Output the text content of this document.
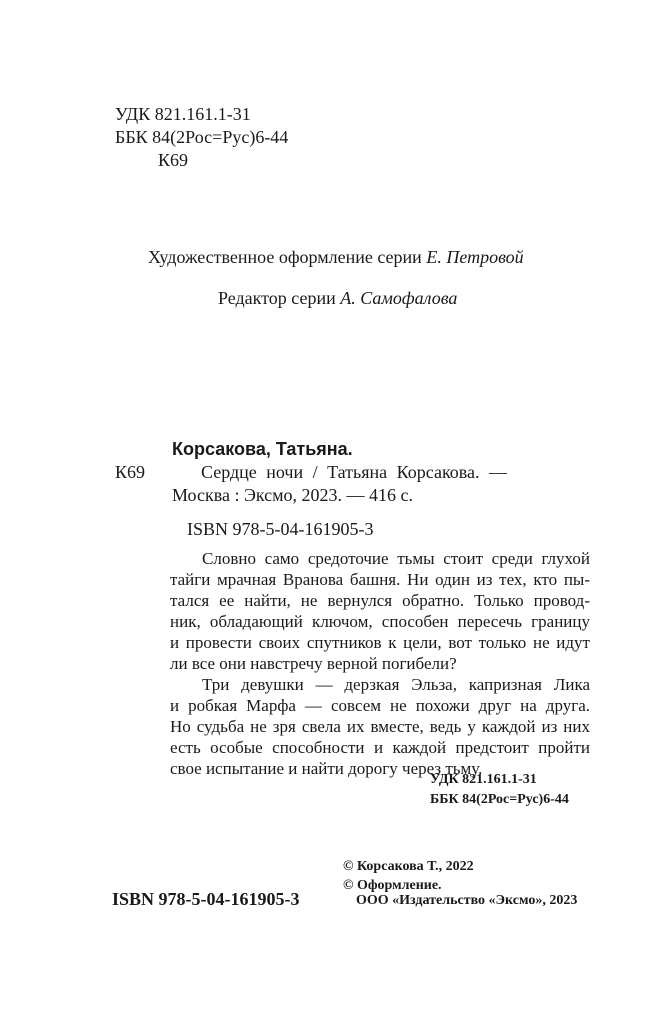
УДК 821.161.1-31
ББК 84(2Рос=Рус)6-44
К69
Художественное оформление серии Е. Петровой
Редактор серии А. Самофалова
Корсакова, Татьяна.
К69	Сердце ночи / Татьяна Корсакова. —
Москва : Эксмо, 2023. — 416 с.
ISBN 978-5-04-161905-3
Словно само средоточие тьмы стоит среди глухой
тайги мрачная Вранова башня. Ни один из тех, кто пы-
тался ее найти, не вернулся обратно. Только провод-
ник, обладающий ключом, способен пересечь границу
и провести своих спутников к цели, вот только не идут
ли все они навстречу верной погибели?
Три девушки — дерзкая Эльза, капризная Лика
и робкая Марфа — совсем не похожи друг на друга.
Но судьба не зря свела их вместе, ведь у каждой из них
есть особые способности и каждой предстоит пройти
свое испытание и найти дорогу через тьму.
УДК 821.161.1-31
ББК 84(2Рос=Рус)6-44
© Корсакова Т., 2022
© Оформление.
ООО «Издательство «Эксмо», 2023
ISBN 978-5-04-161905-3
